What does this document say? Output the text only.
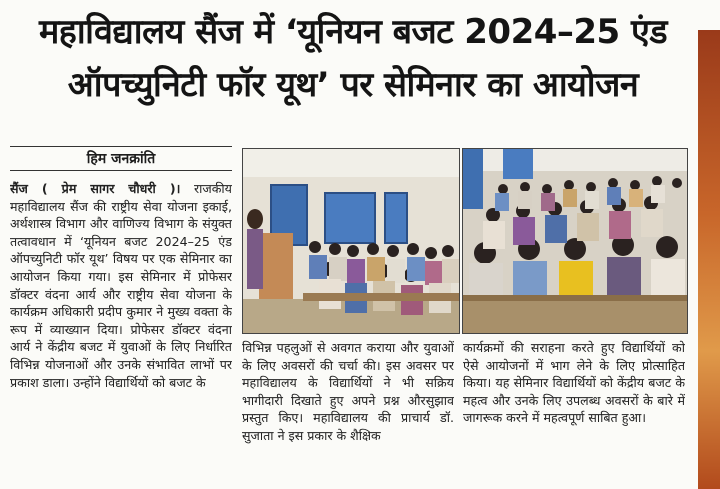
महाविद्यालय सैंज में ‘यूनियन बजट 2024–25 एंड
ऑपच्युनिटी फॉर यूथ’ पर सेमिनार का आयोजन
हिम जनक्रांति
सैंज ( प्रेम सागर चौधरी )। राजकीय महाविद्यालय सैंज की राष्ट्रीय सेवा योजना इकाई, अर्थशास्त्र विभाग और वाणिज्य विभाग के संयुक्त तत्वावधान में ‘यूनियन बजट 2024–25 एंड ऑपच्युनिटी फॉर यूथ’ विषय पर एक सेमिनार का आयोजन किया गया। इस सेमिनार में प्रोफेसर डॉक्टर वंदना आर्य और राष्ट्रीय सेवा योजना के कार्यक्रम अधिकारी प्रदीप कुमार ने मुख्य वक्ता के रूप में व्याख्यान दिया। प्रोफेसर डॉक्टर वंदना आर्य ने केंद्रीय बजट में युवाओं के लिए निर्धारित विभिन्न योजनाओं और उनके संभावित लाभों पर प्रकाश डाला। उन्होंने विद्यार्थियों को बजट के
विभिन्न पहलुओं से अवगत कराया और युवाओं के लिए अवसरों की चर्चा की। इस अवसर पर महाविद्यालय के विद्यार्थियों ने भी सक्रिय भागीदारी दिखाते हुए अपने प्रश्न औरसुझाव प्रस्तुत किए। महाविद्यालय की प्राचार्य डॉ. सुजाता ने इस प्रकार के शैक्षिक
कार्यक्रमों की सराहना करते हुए विद्यार्थियों को ऐसे आयोजनों में भाग लेने के लिए प्रोत्साहित किया। यह सेमिनार विद्यार्थियों को केंद्रीय बजट के महत्व और उनके लिए उपलब्ध अवसरों के बारे में जागरूक करने में महत्वपूर्ण साबित हुआ।
